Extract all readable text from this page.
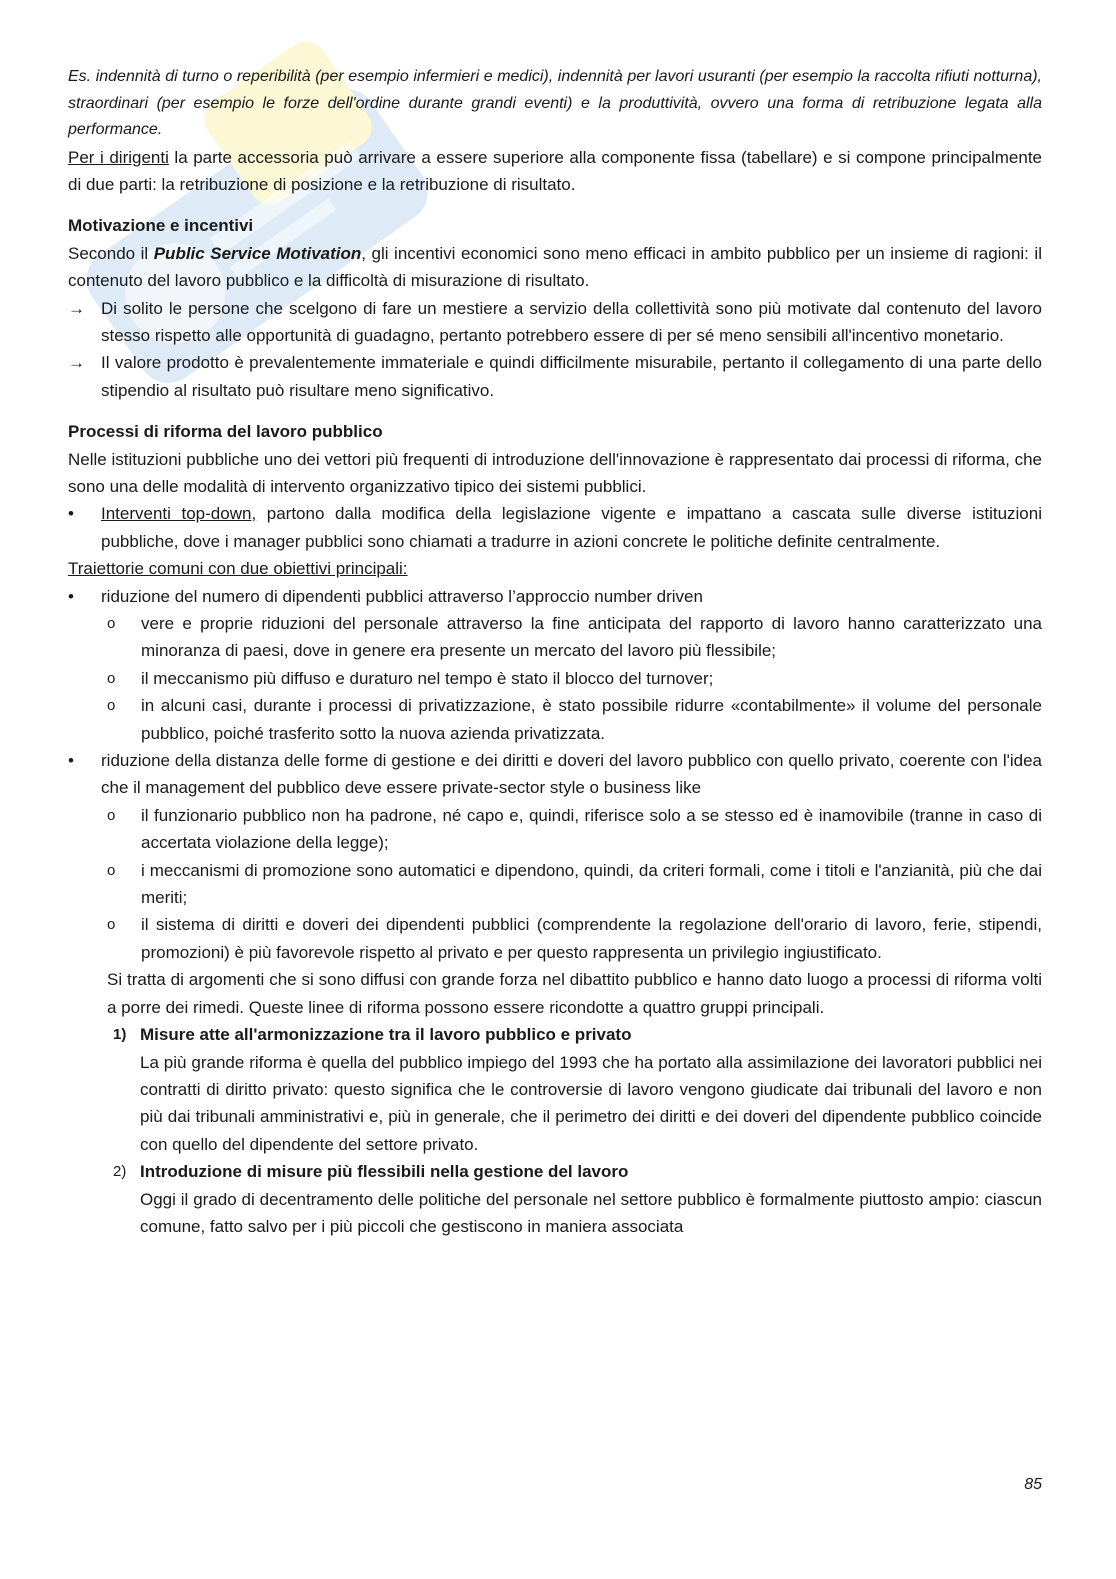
Es. indennità di turno o reperibilità (per esempio infermieri e medici), indennità per lavori usuranti (per esempio la raccolta rifiuti notturna), straordinari (per esempio le forze dell'ordine durante grandi eventi) e la produttività, ovvero una forma di retribuzione legata alla performance.

Per i dirigenti la parte accessoria può arrivare a essere superiore alla componente fissa (tabellare) e si compone principalmente di due parti: la retribuzione di posizione e la retribuzione di risultato.

Motivazione e incentivi

Secondo il Public Service Motivation, gli incentivi economici sono meno efficaci in ambito pubblico per un insieme di ragioni: il contenuto del lavoro pubblico e la difficoltà di misurazione di risultato.

→ Di solito le persone che scelgono di fare un mestiere a servizio della collettività sono più motivate dal contenuto del lavoro stesso rispetto alle opportunità di guadagno, pertanto potrebbero essere di per sé meno sensibili all'incentivo monetario.
→ Il valore prodotto è prevalentemente immateriale e quindi difficilmente misurabile, pertanto il collegamento di una parte dello stipendio al risultato può risultare meno significativo.
Processi di riforma del lavoro pubblico

Nelle istituzioni pubbliche uno dei vettori più frequenti di introduzione dell'innovazione è rappresentato dai processi di riforma, che sono una delle modalità di intervento organizzativo tipico dei sistemi pubblici.

•	Interventi top-down, partono dalla modifica della legislazione vigente e impattano a cascata sulle diverse istituzioni pubbliche, dove i manager pubblici sono chiamati a tradurre in azioni concrete le politiche definite centralmente.

Traiettorie comuni con due obiettivi principali:

•	riduzione del numero di dipendenti pubblici attraverso l’approccio number driven
o	vere e proprie riduzioni del personale attraverso la fine anticipata del rapporto di lavoro hanno caratterizzato una minoranza di paesi, dove in genere era presente un mercato del lavoro più flessibile;
o	il meccanismo più diffuso e duraturo nel tempo è stato il blocco del turnover;
o	in alcuni casi, durante i processi di privatizzazione, è stato possibile ridurre «contabilmente» il volume del personale pubblico, poiché trasferito sotto la nuova azienda privatizzata.
•	riduzione della distanza delle forme di gestione e dei diritti e doveri del lavoro pubblico con quello privato, coerente con l'idea che il management del pubblico deve essere private-sector style o business like
o	il funzionario pubblico non ha padrone, né capo e, quindi, riferisce solo a se stesso ed è inamovibile (tranne in caso di accertata violazione della legge);
o	i meccanismi di promozione sono automatici e dipendono, quindi, da criteri formali, come i titoli e l'anzianità, più che dai meriti;
o	il sistema di diritti e doveri dei dipendenti pubblici (comprendente la regolazione dell'orario di lavoro, ferie, stipendi, promozioni) è più favorevole rispetto al privato e per questo rappresenta un privilegio ingiustificato.

Si tratta di argomenti che si sono diffusi con grande forza nel dibattito pubblico e hanno dato luogo a processi di riforma volti a porre dei rimedi. Queste linee di riforma possono essere ricondotte a quattro gruppi principali.

1) Misure atte all'armonizzazione tra il lavoro pubblico e privato
La più grande riforma è quella del pubblico impiego del 1993 che ha portato alla assimilazione dei lavoratori pubblici nei contratti di diritto privato: questo significa che le controversie di lavoro vengono giudicate dai tribunali del lavoro e non più dai tribunali amministrativi e, più in generale, che il perimetro dei diritti e dei doveri del dipendente pubblico coincide con quello del dipendente del settore privato.
2) Introduzione di misure più flessibili nella gestione del lavoro
Oggi il grado di decentramento delle politiche del personale nel settore pubblico è formalmente piuttosto ampio: ciascun comune, fatto salvo per i più piccoli che gestiscono in maniera associata
85
